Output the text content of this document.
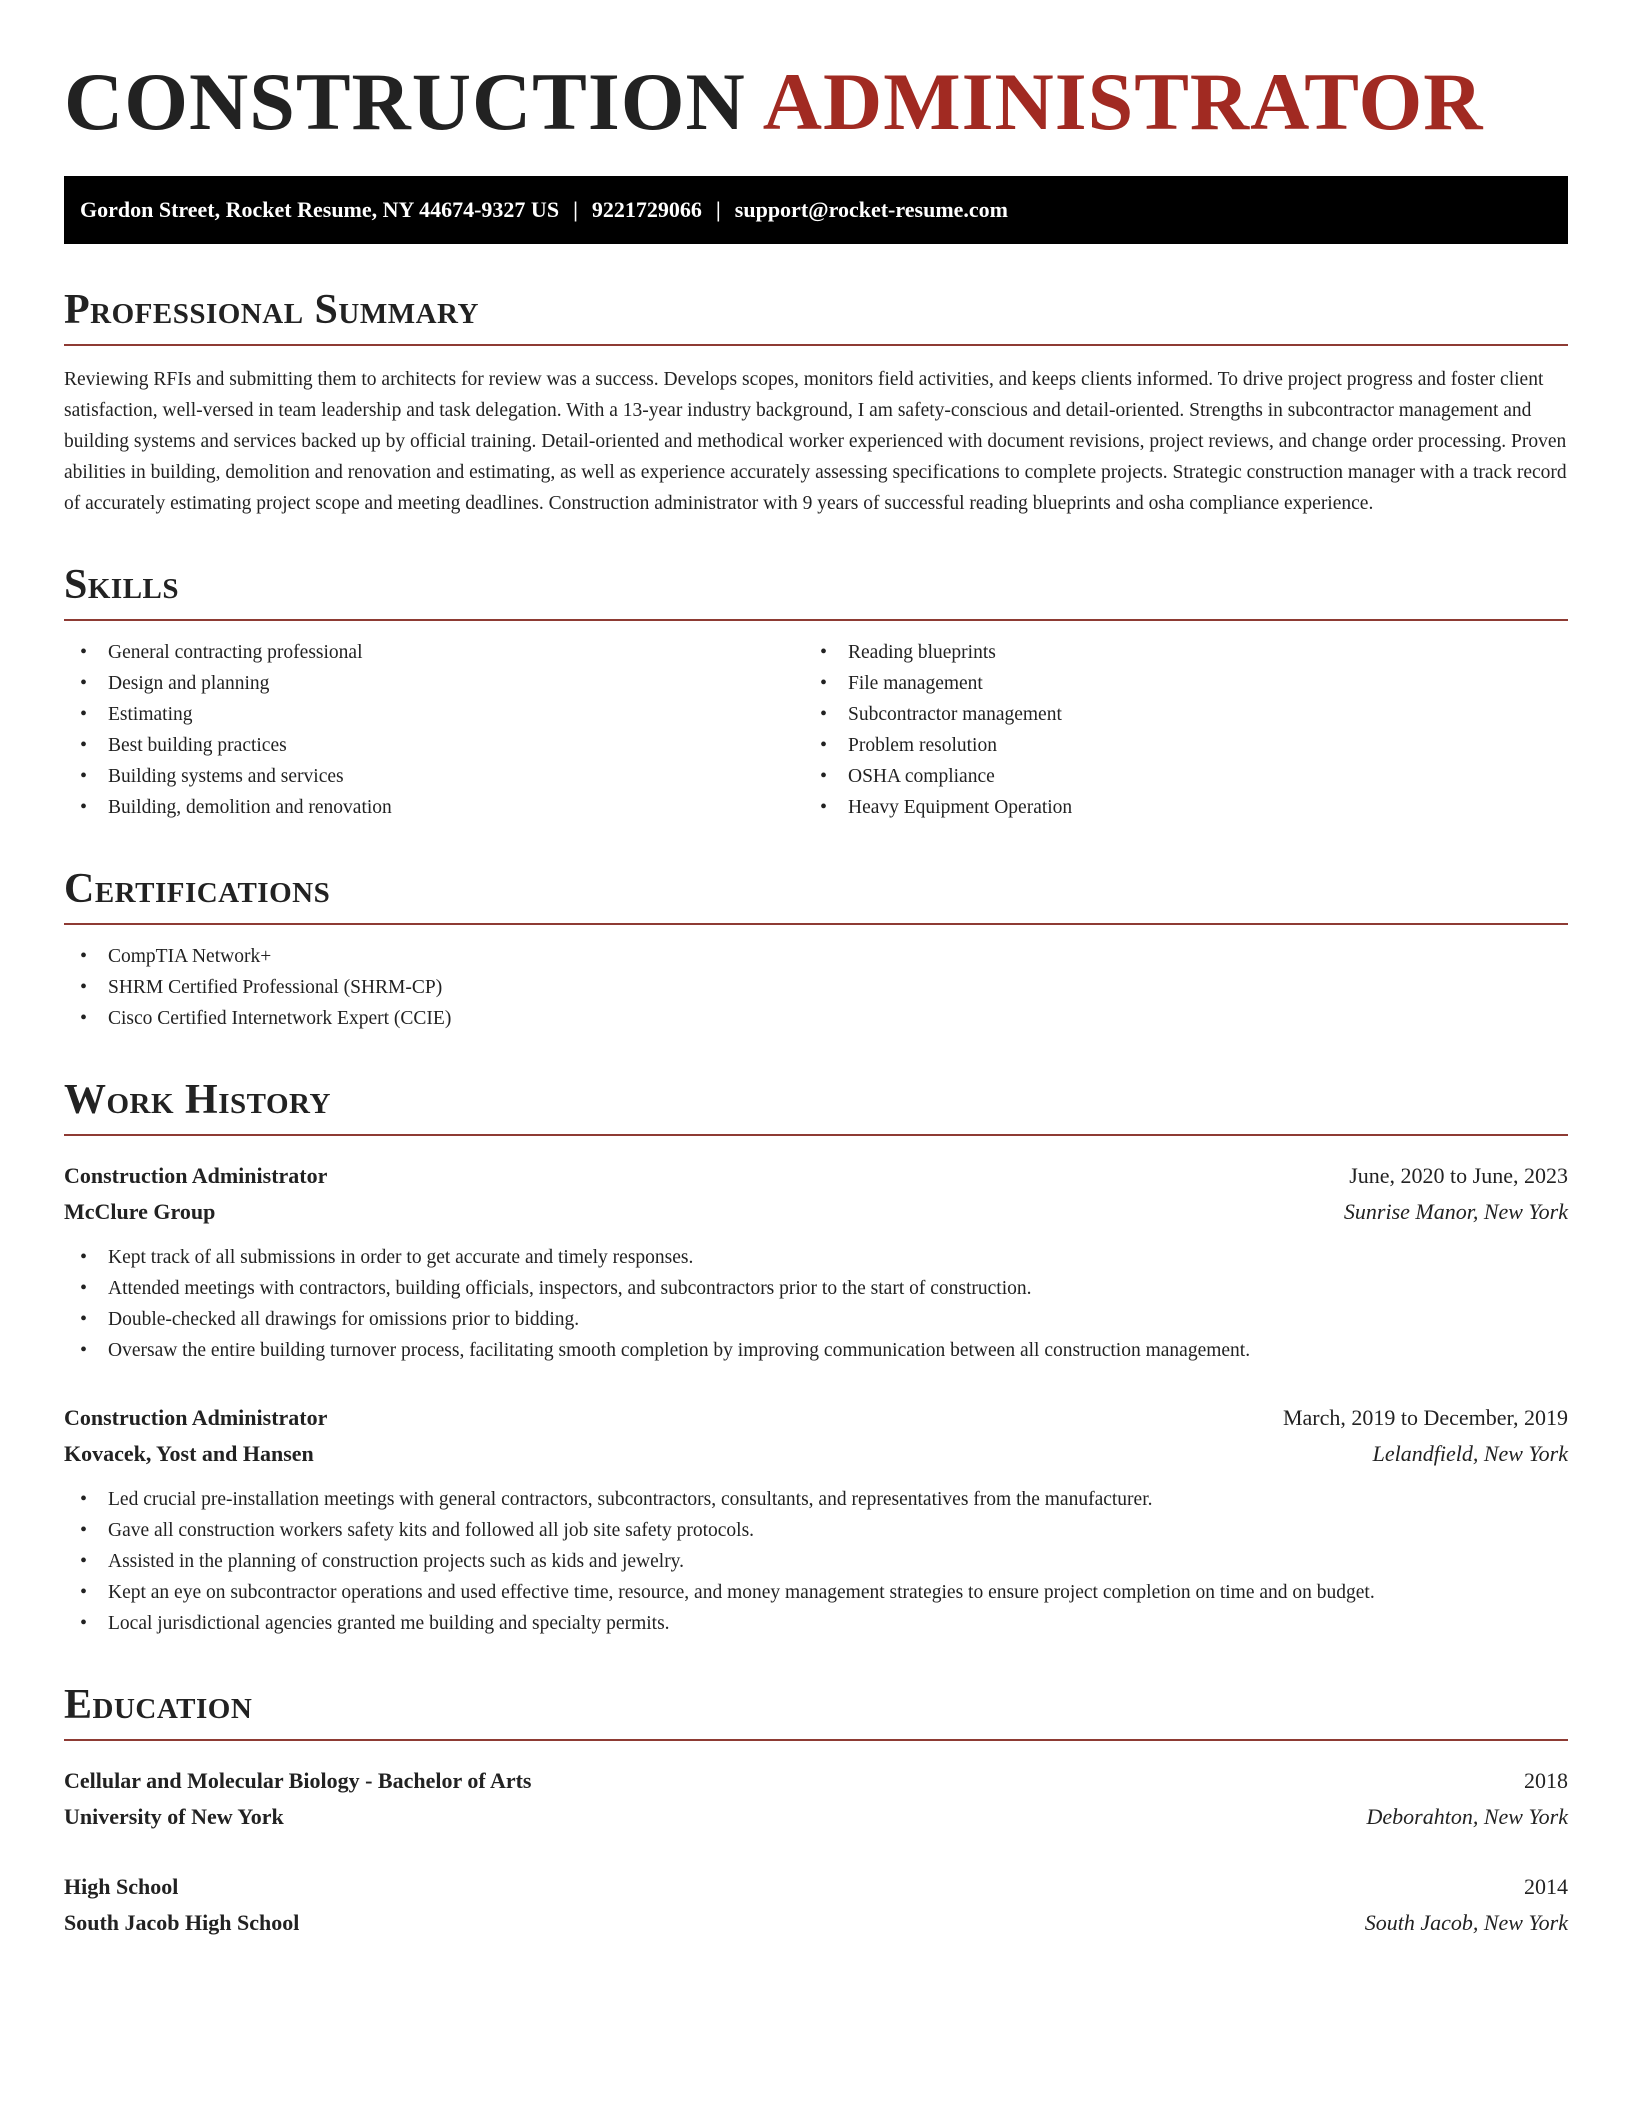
CONSTRUCTION ADMINISTRATOR
Gordon Street, Rocket Resume, NY 44674-9327 US | 9221729066 | support@rocket-resume.com
Professional Summary

Reviewing RFIs and submitting them to architects for review was a success. Develops scopes, monitors field activities, and keeps clients informed. To drive project progress and foster client satisfaction, well-versed in team leadership and task delegation. With a 13-year industry background, I am safety-conscious and detail-oriented. Strengths in subcontractor management and building systems and services backed up by official training. Detail-oriented and methodical worker experienced with document revisions, project reviews, and change order processing. Proven abilities in building, demolition and renovation and estimating, as well as experience accurately assessing specifications to complete projects. Strategic construction manager with a track record of accurately estimating project scope and meeting deadlines. Construction administrator with 9 years of successful reading blueprints and osha compliance experience.

Skills
• General contracting professional
• Design and planning
• Estimating
• Best building practices
• Building systems and services
• Building, demolition and renovation
• Reading blueprints
• File management
• Subcontractor management
• Problem resolution
• OSHA compliance
• Heavy Equipment Operation
Certifications
• CompTIA Network+
• SHRM Certified Professional (SHRM-CP)
• Cisco Certified Internetwork Expert (CCIE)
Work History
Construction Administrator	June, 2020 to June, 2023
McClure Group	Sunrise Manor, New York
• Kept track of all submissions in order to get accurate and timely responses.
• Attended meetings with contractors, building officials, inspectors, and subcontractors prior to the start of construction.
• Double-checked all drawings for omissions prior to bidding.
• Oversaw the entire building turnover process, facilitating smooth completion by improving communication between all construction management.
Construction Administrator	March, 2019 to December, 2019
Kovacek, Yost and Hansen	Lelandfield, New York
• Led crucial pre-installation meetings with general contractors, subcontractors, consultants, and representatives from the manufacturer.
• Gave all construction workers safety kits and followed all job site safety protocols.
• Assisted in the planning of construction projects such as kids and jewelry.
• Kept an eye on subcontractor operations and used effective time, resource, and money management strategies to ensure project completion on time and on budget.
• Local jurisdictional agencies granted me building and specialty permits.
Education
Cellular and Molecular Biology - Bachelor of Arts	2018
University of New York	Deborahton, New York
High School	2014
South Jacob High School	South Jacob, New York
